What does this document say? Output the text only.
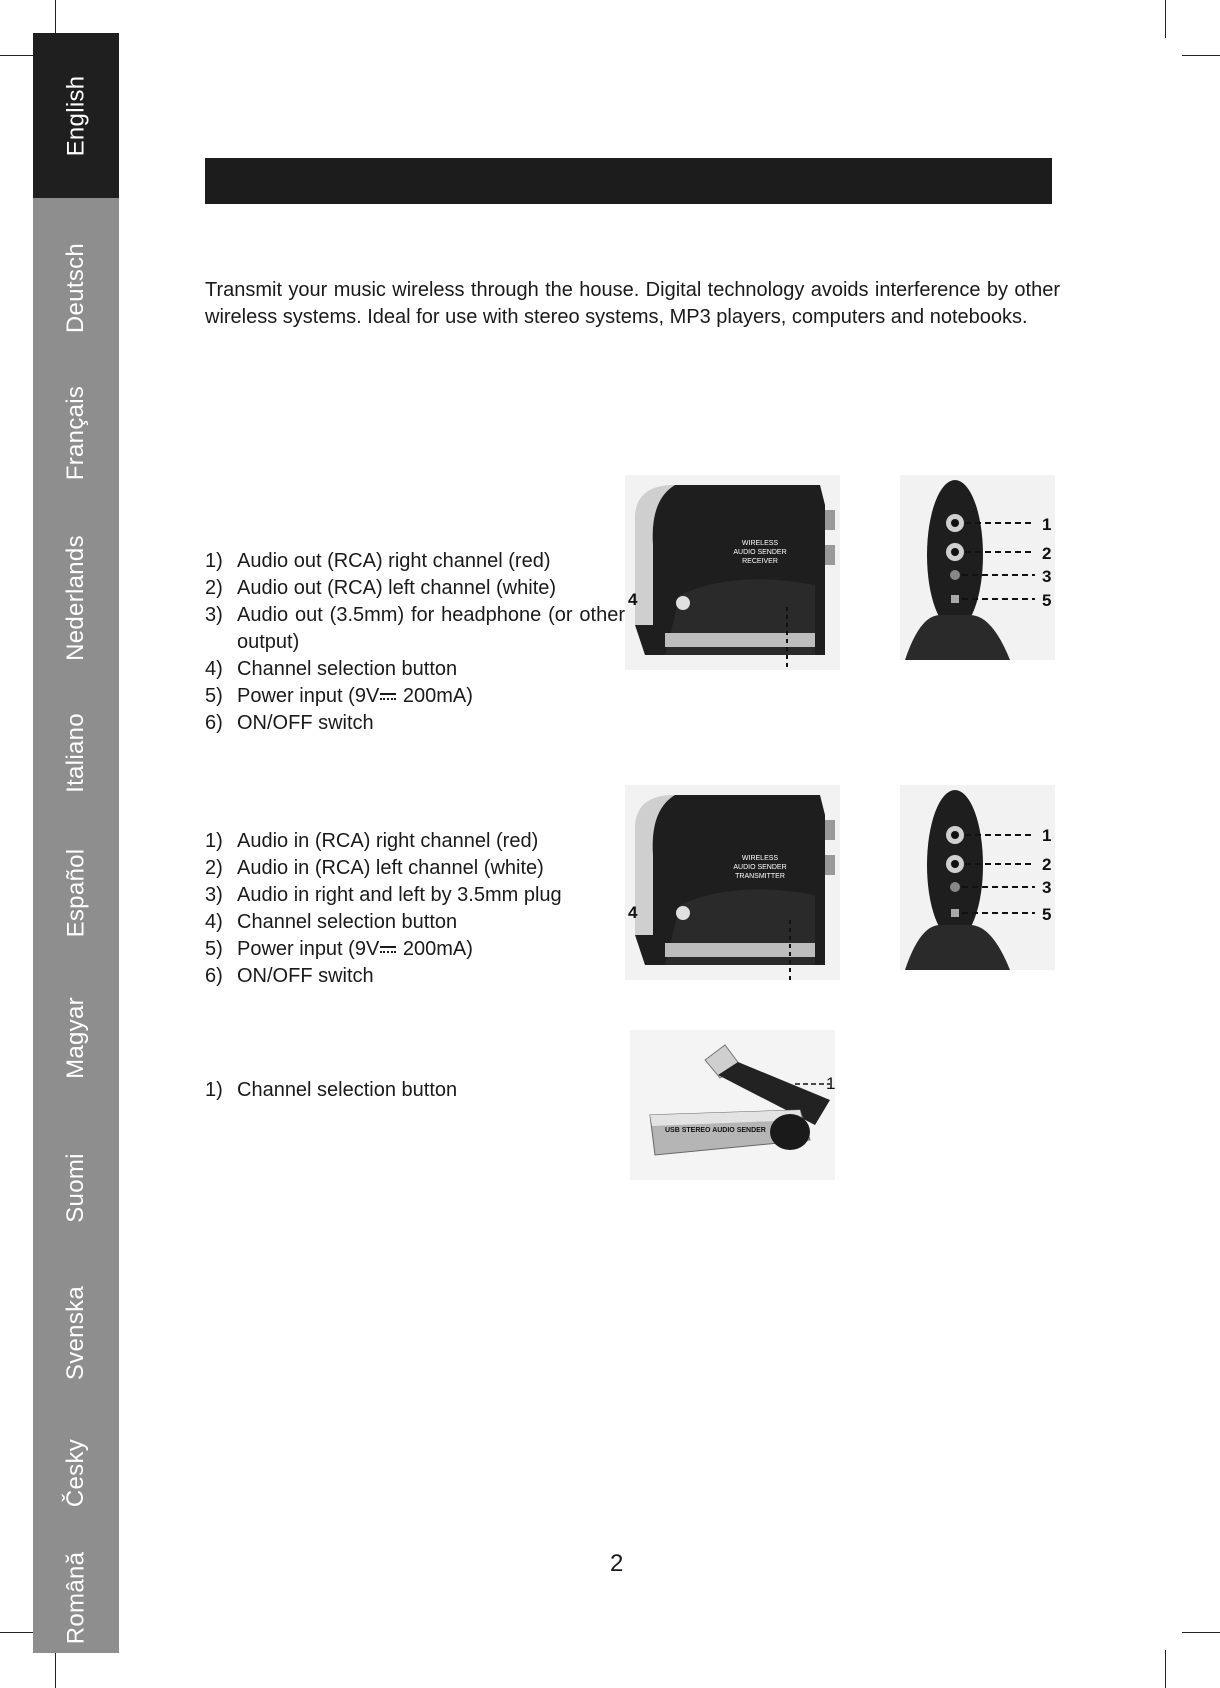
English
Deutsch
Français
Nederlands
Italiano
Español
Magyar
Suomi
Svenska
Česky
Română

Transmit your music wireless through the house. Digital technology avoids interference by other wireless systems. Ideal for use with stereo systems, MP3 players, computers and notebooks.

1) Audio out (RCA) right channel (red)
2) Audio out (RCA) left channel (white)
3) Audio out (3.5mm) for headphone (or other output)
4) Channel selection button
5) Power input (9V 200mA)
6) ON/OFF switch
WIRELESS
AUDIO SENDER
RECEIVER
1
2
3
5
4
1) Audio in (RCA) right channel (red)
2) Audio in (RCA) left channel (white)
3) Audio in right and left by 3.5mm plug
4) Channel selection button
5) Power input (9V 200mA)
6) ON/OFF switch
WIRELESS
AUDIO SENDER
TRANSMITTER
1
2
3
5
4
1) Channel selection button
USB STEREO AUDIO SENDER
1
2
